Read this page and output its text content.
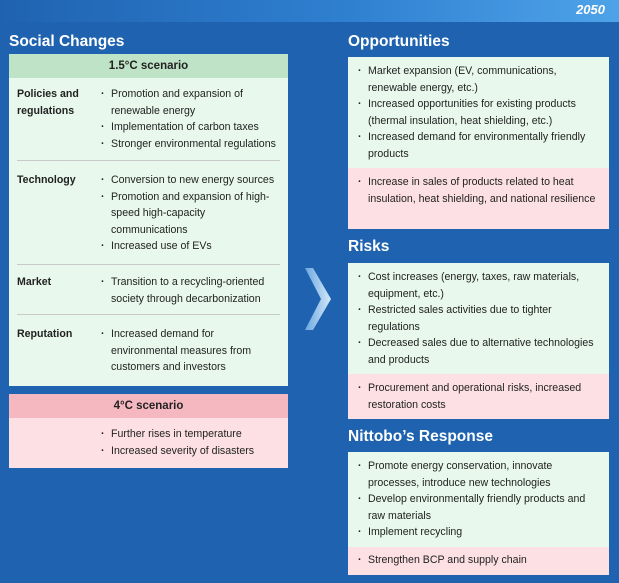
2050
Social Changes
1.5°C scenario
Policies and regulations
· Promotion and expansion of renewable energy
· Implementation of carbon taxes
· Stronger environmental regulations
Technology	· Conversion to new energy sources
· Promotion and expansion of high-speed high-capacity communications
· Increased use of EVs
Market	· Transition to a recycling-oriented society through decarbonization
Reputation	· Increased demand for environmental measures from customers and investors
4°C scenario
· Further rises in temperature
· Increased severity of disasters
Opportunities
· Market expansion (EV, communications, renewable energy, etc.)
· Increased opportunities for existing products (thermal insulation, heat shielding, etc.)
· Increased demand for environmentally friendly products
· Increase in sales of products related to heat insulation, heat shielding, and national resilience
Risks
· Cost increases (energy, taxes, raw materials, equipment, etc.)
· Restricted sales activities due to tighter regulations
· Decreased sales due to alternative technologies and products
· Procurement and operational risks, increased restoration costs
Nittobo’s Response
· Promote energy conservation, innovate processes, introduce new technologies
· Develop environmentally friendly products and raw materials
· Implement recycling
· Strengthen BCP and supply chain
